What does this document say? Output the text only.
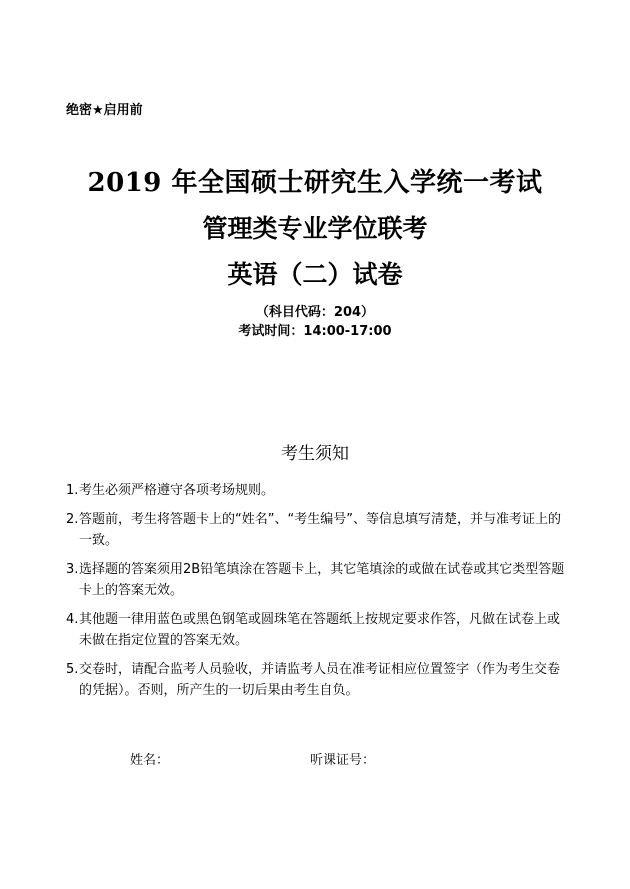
绝密★启用前
2019 年全国硕士研究生入学统一考试
管理类专业学位联考
英语（二）试卷
（科目代码：204）
考试时间：14:00-17:00
考生须知
1. 考生必须严格遵守各项考场规则。
2. 答题前，考生将答题卡上的“姓名”、“考生编号”、等信息填写清楚，并与准考证上的一致。
3. 选择题的答案须用2B铅笔填涂在答题卡上，其它笔填涂的或做在试卷或其它类型答题卡上的答案无效。
4. 其他题一律用蓝色或黑色钢笔或圆珠笔在答题纸上按规定要求作答，凡做在试卷上或未做在指定位置的答案无效。
5. 交卷时，请配合监考人员验收，并请监考人员在准考证相应位置签字（作为考生交卷的凭据）。否则，所产生的一切后果由考生自负。
姓名：	听课证号：
